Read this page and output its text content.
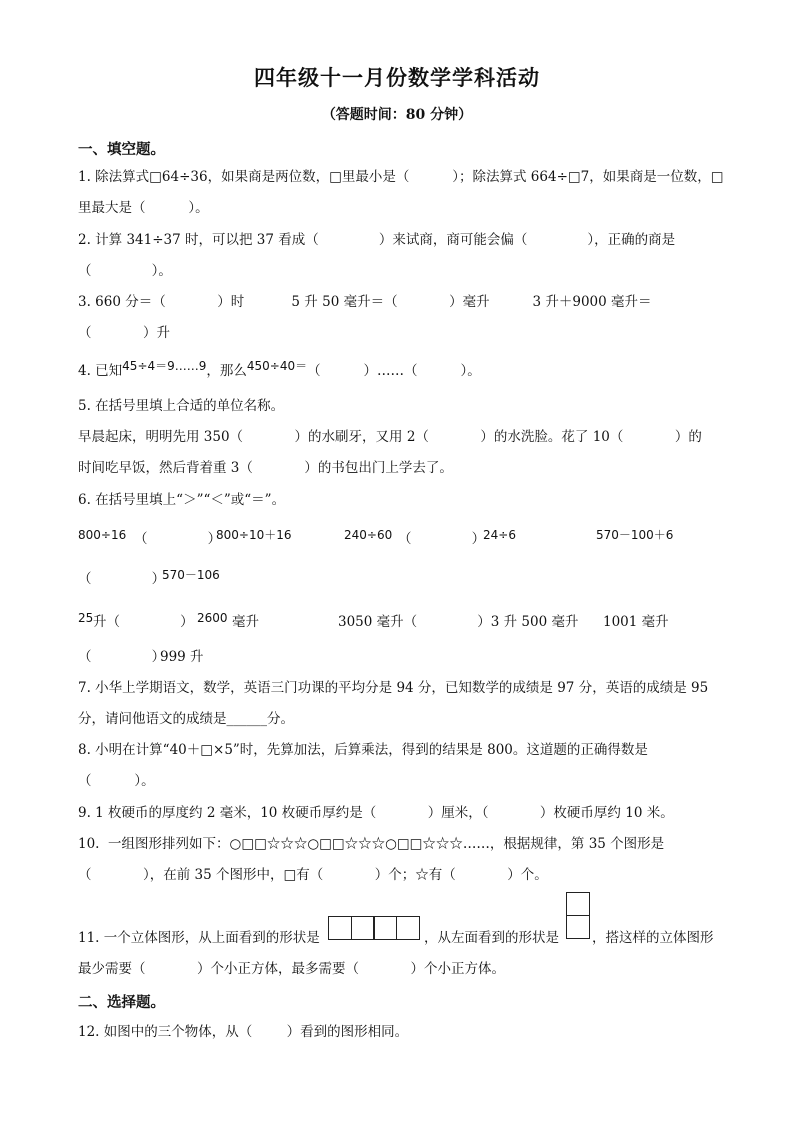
四年级十一月份数学学科活动
（答题时间：80 分钟）
一、填空题。
1. 除法算式□64÷36，如果商是两位数，□里最小是（          ）；除法算式 664÷□7，如果商是一位数，□
里最大是（          ）。
2. 计算 341÷37 时，可以把 37 看成（              ）来试商，商可能会偏（              ），正确的商是
（              ）。
3. 660 分＝（            ）时           5 升 50 毫升＝（            ）毫升          3 升＋9000 毫升＝
（            ）升
4. 已知45÷4＝9……9，那么450÷40＝（          ）……（          ）。
5. 在括号里填上合适的单位名称。
早晨起床，明明先用 350（            ）的水刷牙，又用 2（            ）的水洗脸。花了 10（            ）的
时间吃早饭，然后背着重 3（            ）的书包出门上学去了。
6. 在括号里填上“＞”“＜”或“＝”。
800÷16 （              ）
800÷10＋16	240÷60 （              ）
24÷6	570－100＋6
（              ）
570－106
25 升（              ） 2600 毫升	3050 毫升（              ）3 升 500 毫升 1001 毫升
（              ）
999 升
7. 小华上学期语文，数学，英语三门功课的平均分是 94 分，已知数学的成绩是 97 分，英语的成绩是 95
分，请问他语文的成绩是______分。
8. 小明在计算“40＋□×5”时，先算加法，后算乘法，得到的结果是 800。这道题的正确得数是
（          ）。
9. 1 枚硬币的厚度约 2 毫米，10 枚硬币厚约是（            ）厘米，（            ）枚硬币厚约 10 米。
10.  一组图形排列如下：○□□☆☆☆○□□☆☆☆○□□☆☆☆……，根据规律，第 35 个图形是
（            ），在前 35 个图形中，□有（            ）个；☆有（            ）个。
11. 一个立体图形，从上面看到的形状是	，从左面看到的形状是 ，搭这样的立体图形
最少需要（            ）个小正方体，最多需要（            ）个小正方体。
二、选择题。
12. 如图中的三个物体，从（        ）看到的图形相同。
